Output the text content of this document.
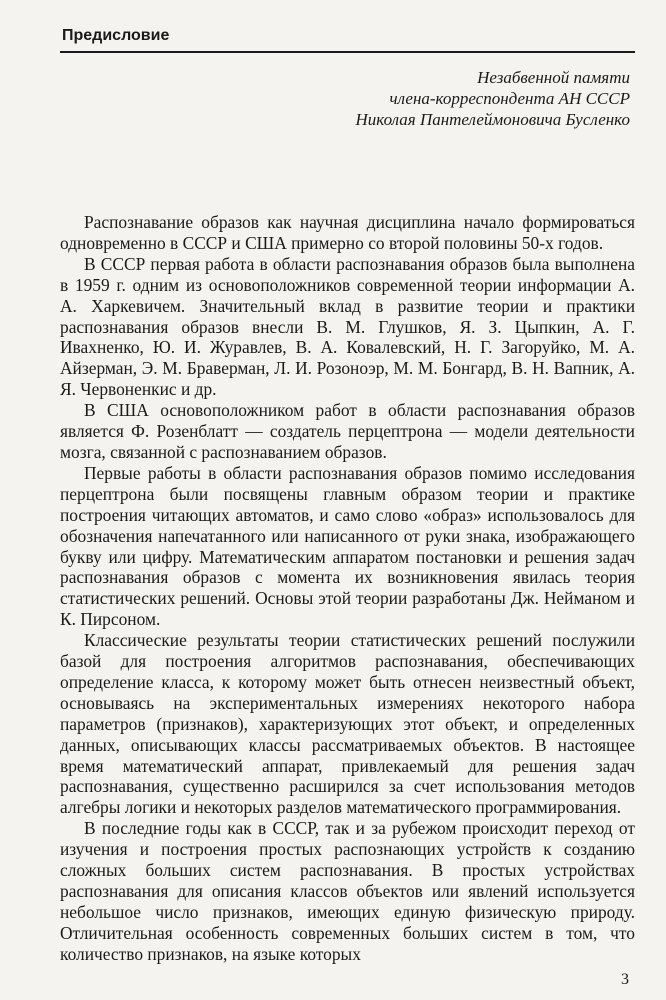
Предисловие
Незабвенной памяти
члена-корреспондента АН СССР
Николая Пантелеймоновича Бусленко

Распознавание образов как научная дисциплина начало формироваться одновременно в СССР и США примерно со второй половины 50-х годов.

В СССР первая работа в области распознавания образов была выполнена в 1959 г. одним из основоположников современной теории информации А. А. Харкевичем. Значительный вклад в развитие теории и практики распознавания образов внесли В. М. Глушков, Я. З. Цыпкин, А. Г. Ивахненко, Ю. И. Журавлев, В. А. Ковалевский, Н. Г. Загоруйко, М. А. Айзерман, Э. М. Браверман, Л. И. Розоноэр, М. М. Бонгард, В. Н. Вапник, А. Я. Червоненкис и др.

В США основоположником работ в области распознавания образов является Ф. Розенблатт — создатель перцептрона — модели деятельности мозга, связанной с распознаванием образов.

Первые работы в области распознавания образов помимо исследования перцептрона были посвящены главным образом теории и практике построения читающих автоматов, и само слово «образ» использовалось для обозначения напечатанного или написанного от руки знака, изображающего букву или цифру. Математическим аппаратом постановки и решения задач распознавания образов с момента их возникновения явилась теория статистических решений. Основы этой теории разработаны Дж. Нейманом и К. Пирсоном.

Классические результаты теории статистических решений послужили базой для построения алгоритмов распознавания, обеспечивающих определение класса, к которому может быть отнесен неизвестный объект, основываясь на экспериментальных измерениях некоторого набора параметров (признаков), характеризующих этот объект, и определенных данных, описывающих классы рассматриваемых объектов. В настоящее время математический аппарат, привлекаемый для решения задач распознавания, существенно расширился за счет использования методов алгебры логики и некоторых разделов математического программирования.

В последние годы как в СССР, так и за рубежом происходит переход от изучения и построения простых распознающих устройств к созданию сложных больших систем распознавания. В простых устройствах распознавания для описания классов объектов или явлений используется небольшое число признаков, имеющих единую физическую природу. Отличительная особенность современных больших систем в том, что количество признаков, на языке которых

3
